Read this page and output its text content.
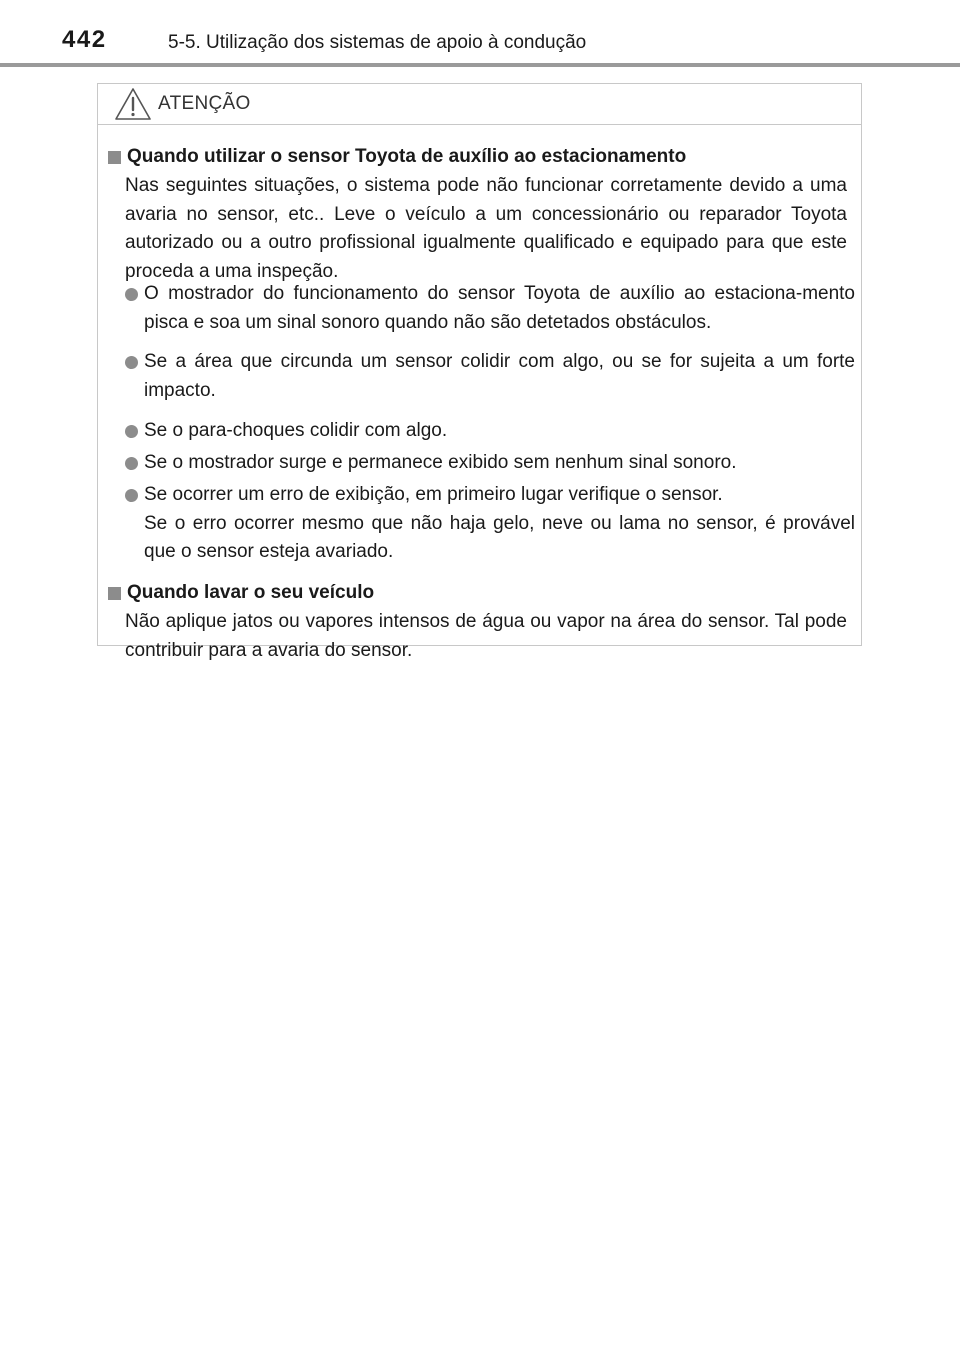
442	5-5. Utilização dos sistemas de apoio à condução
ATENÇÃO
Quando utilizar o sensor Toyota de auxílio ao estacionamento
Nas seguintes situações, o sistema pode não funcionar corretamente devido a uma avaria no sensor, etc.. Leve o veículo a um concessionário ou reparador Toyota autorizado ou a outro profissional igualmente qualificado e equipado para que este proceda a uma inspeção.
O mostrador do funcionamento do sensor Toyota de auxílio ao estaciona-mento pisca e soa um sinal sonoro quando não são detetados obstáculos.
Se a área que circunda um sensor colidir com algo, ou se for sujeita a um forte impacto.
Se o para-choques colidir com algo.
Se o mostrador surge e permanece exibido sem nenhum sinal sonoro.
Se ocorrer um erro de exibição, em primeiro lugar verifique o sensor.
Se o erro ocorrer mesmo que não haja gelo, neve ou lama no sensor, é provável que o sensor esteja avariado.
Quando lavar o seu veículo
Não aplique jatos ou vapores intensos de água ou vapor na área do sensor. Tal pode contribuir para a avaria do sensor.
